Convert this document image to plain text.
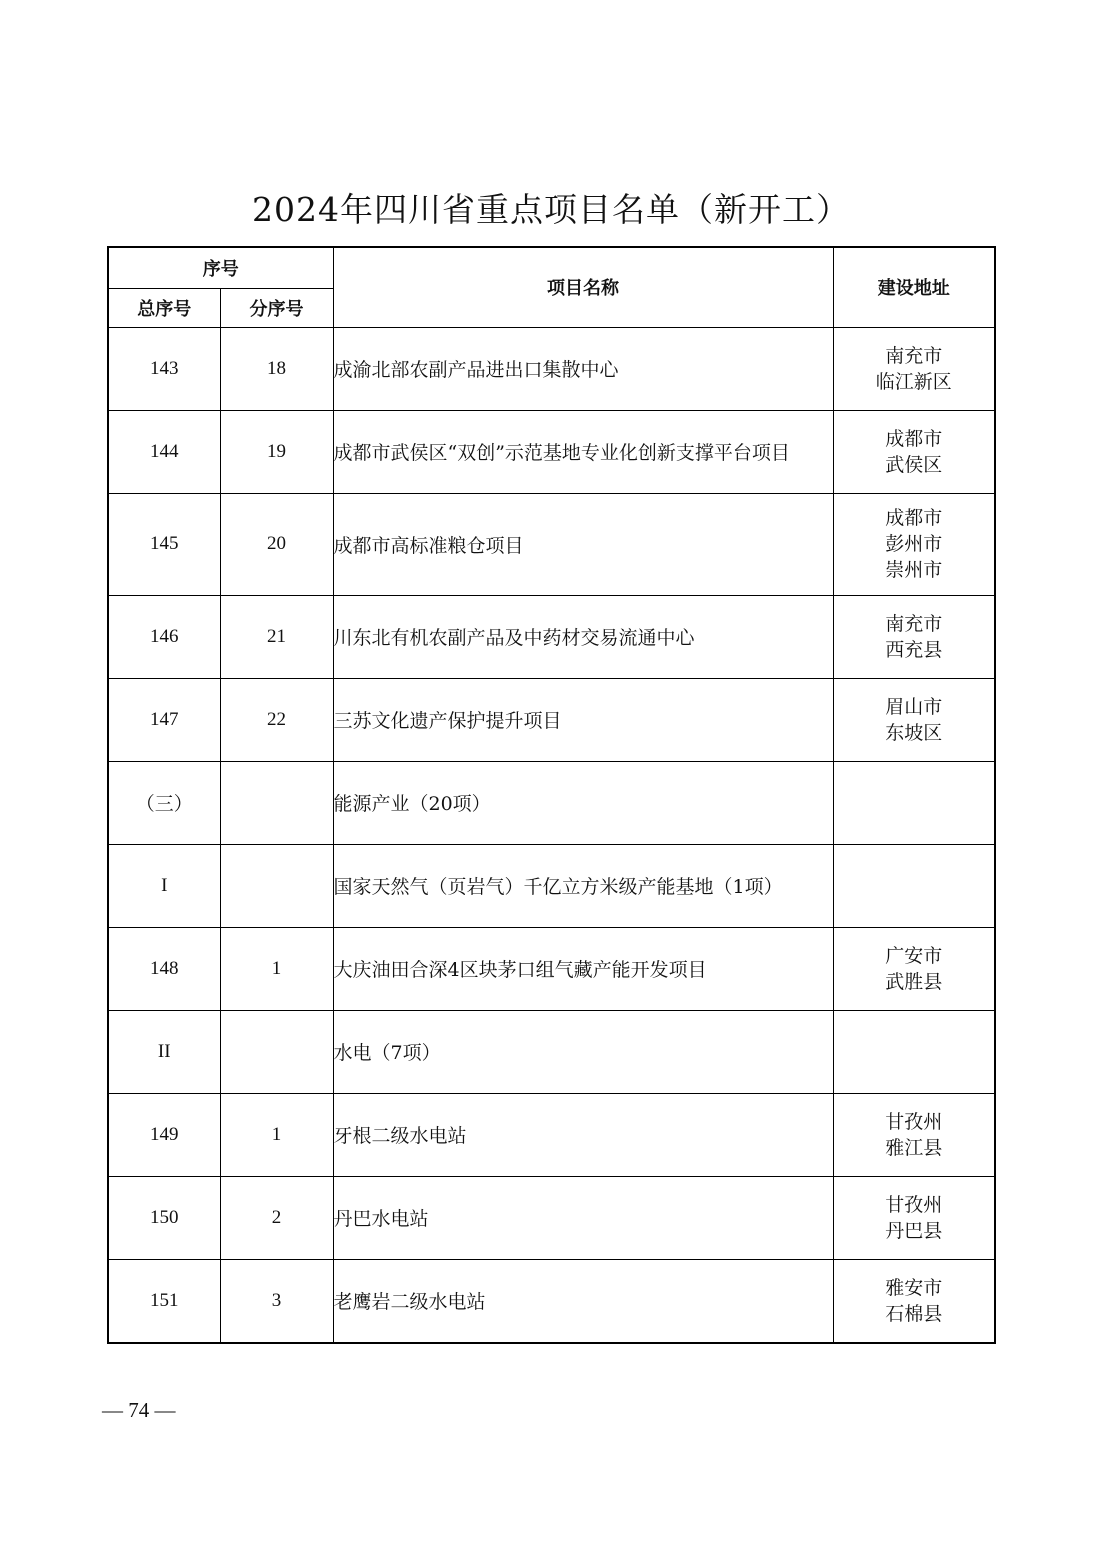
2024年四川省重点项目名单（新开工）
序号		项目名称	建设地址
总序号	分序号		
143	18	成渝北部农副产品进出口集散中心	南充市
临江新区

144	19	成都市武侯区“双创”示范基地专业化创新支撑平台项目	成都市
武侯区

145	20	成都市高标准粮仓项目	成都市
彭州市
崇州市

146	21	川东北有机农副产品及中药材交易流通中心	南充市
西充县

147	22	三苏文化遗产保护提升项目	眉山市
东坡区

（三）		能源产业（20项）	
I		国家天然气（页岩气）千亿立方米级产能基地（1项）	
148	1	大庆油田合深4区块茅口组气藏产能开发项目	广安市
武胜县

II		水电（7项）	
149	1	牙根二级水电站	甘孜州
雅江县

150	2	丹巴水电站	甘孜州
丹巴县

151	3	老鹰岩二级水电站	雅安市
石棉县
— 74 —
